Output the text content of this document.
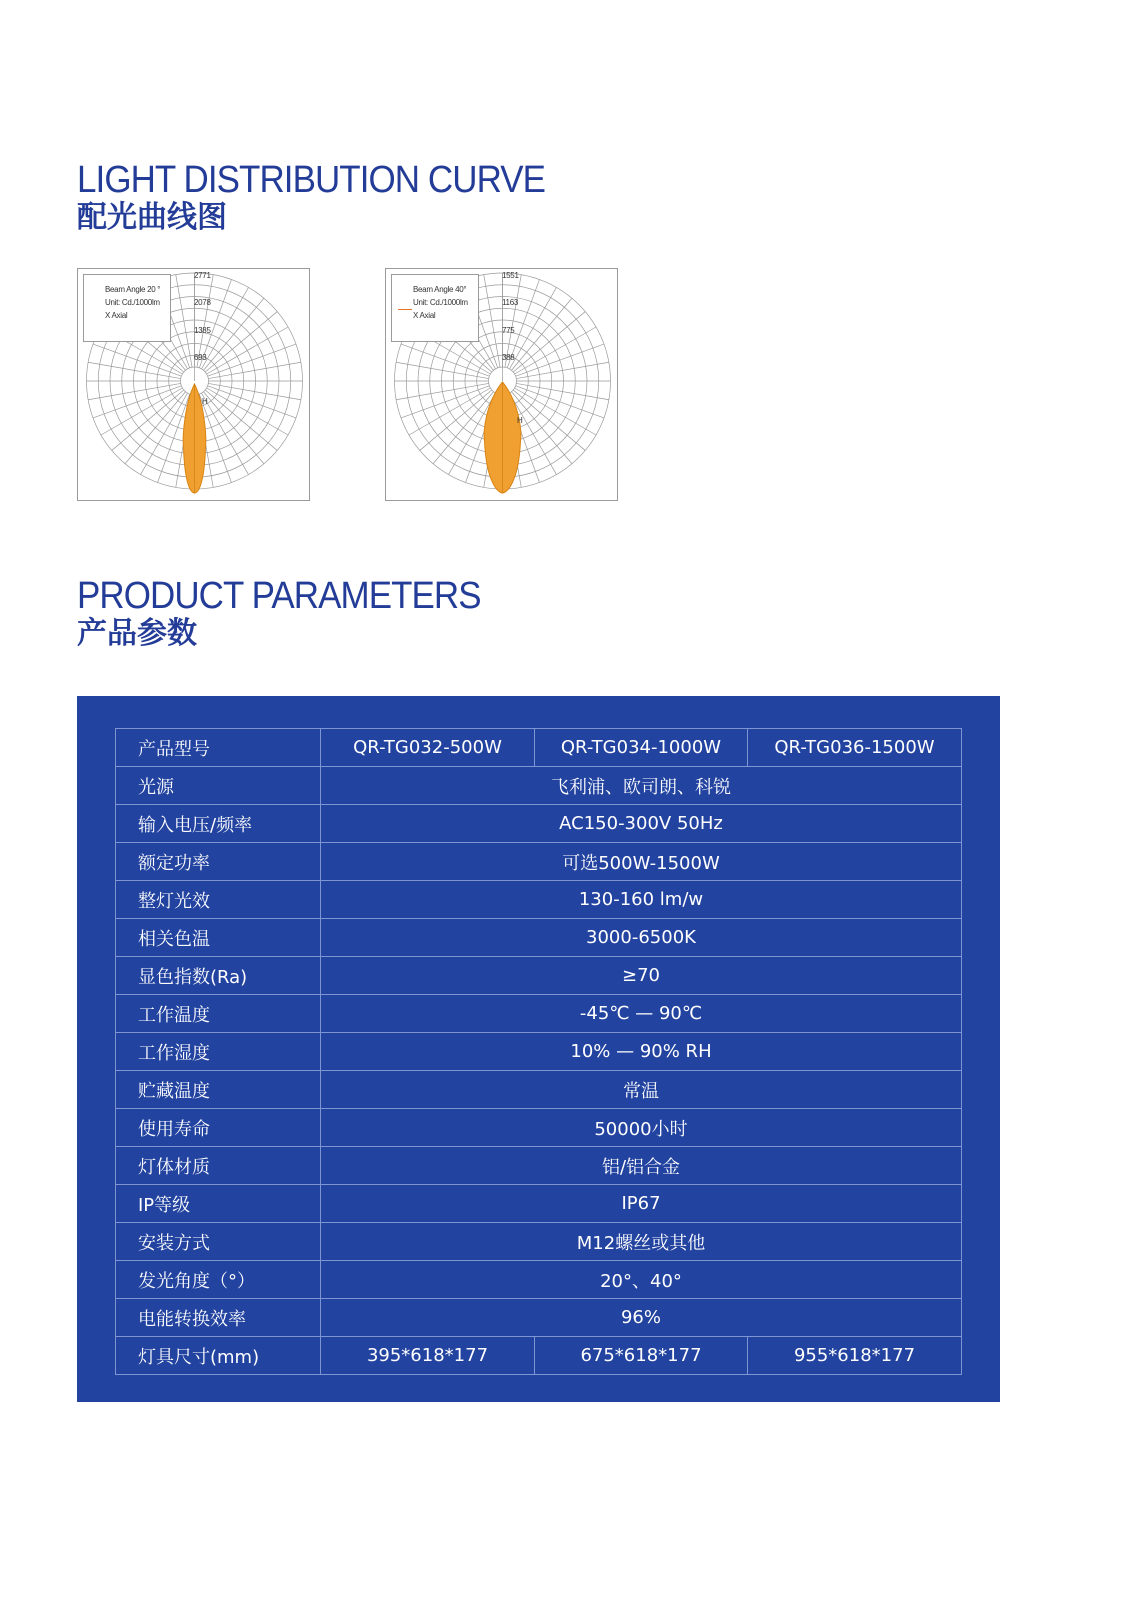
LIGHT DISTRIBUTION CURVE
配光曲线图
Beam Angle 20 °
Unit: Cd./1000lm
X Axial
2771
2078
1385
693
H
Beam Angle 40°
Unit: Cd./1000lm
X Axial
1551
1163
775
388
H
PRODUCT PARAMETERS
产品参数
产品型号	QR-TG032-500W	QR-TG034-1000W	QR-TG036-1500W
光源	飞利浦、欧司朗、科锐		
输入电压/频率	AC150-300V 50Hz		
额定功率	可选500W-1500W		
整灯光效	130-160 lm/w		
相关色温	3000-6500K		
显色指数(Ra)	≥70		
工作温度	-45℃ — 90℃		
工作湿度	10% — 90% RH		
贮藏温度	常温		
使用寿命	50000小时		
灯体材质	铝/铝合金		
IP等级	IP67		
安装方式	M12螺丝或其他		
发光角度（°）	20°、40°		
电能转换效率	96%		
灯具尺寸(mm)	395*618*177	675*618*177	955*618*177
